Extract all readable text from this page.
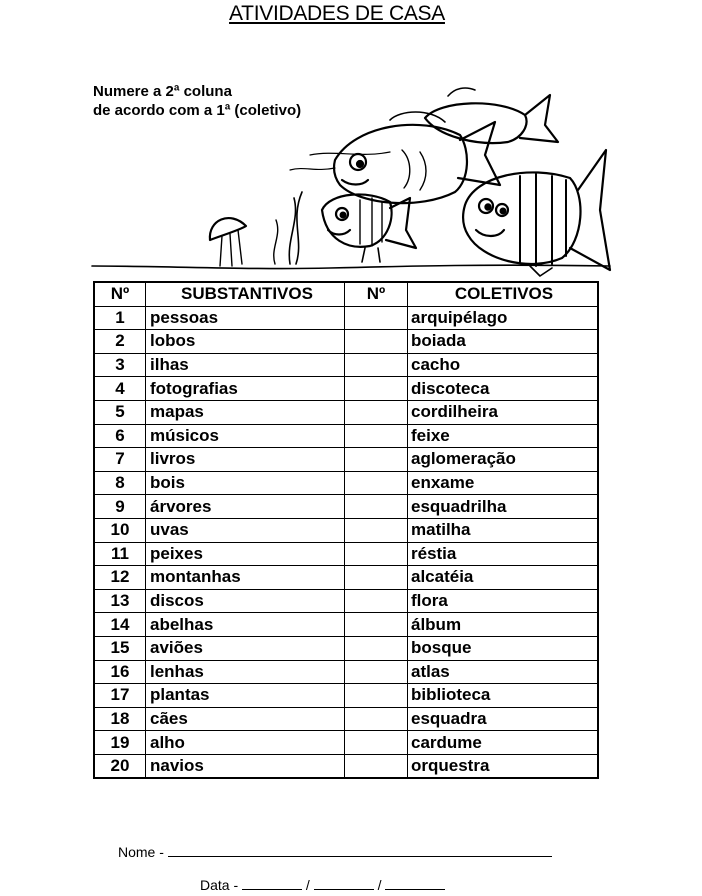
ATIVIDADES DE CASA
Numere a 2ª coluna
de acordo com a 1ª (coletivo)
Nº	SUBSTANTIVOS	Nº	COLETIVOS
1	pessoas		arquipélago
2	lobos		boiada
3	ilhas		cacho
4	fotografias		discoteca
5	mapas		cordilheira
6	músicos		feixe
7	livros		aglomeração
8	bois		enxame
9	árvores		esquadrilha
10	uvas		matilha
11	peixes		réstia
12	montanhas		alcatéia
13	discos		flora
14	abelhas		álbum
15	aviões		bosque
16	lenhas		atlas
17	plantas		biblioteca
18	cães		esquadra
19	alho		cardume
20	navios		orquestra
Nome -
Data -	/	/
